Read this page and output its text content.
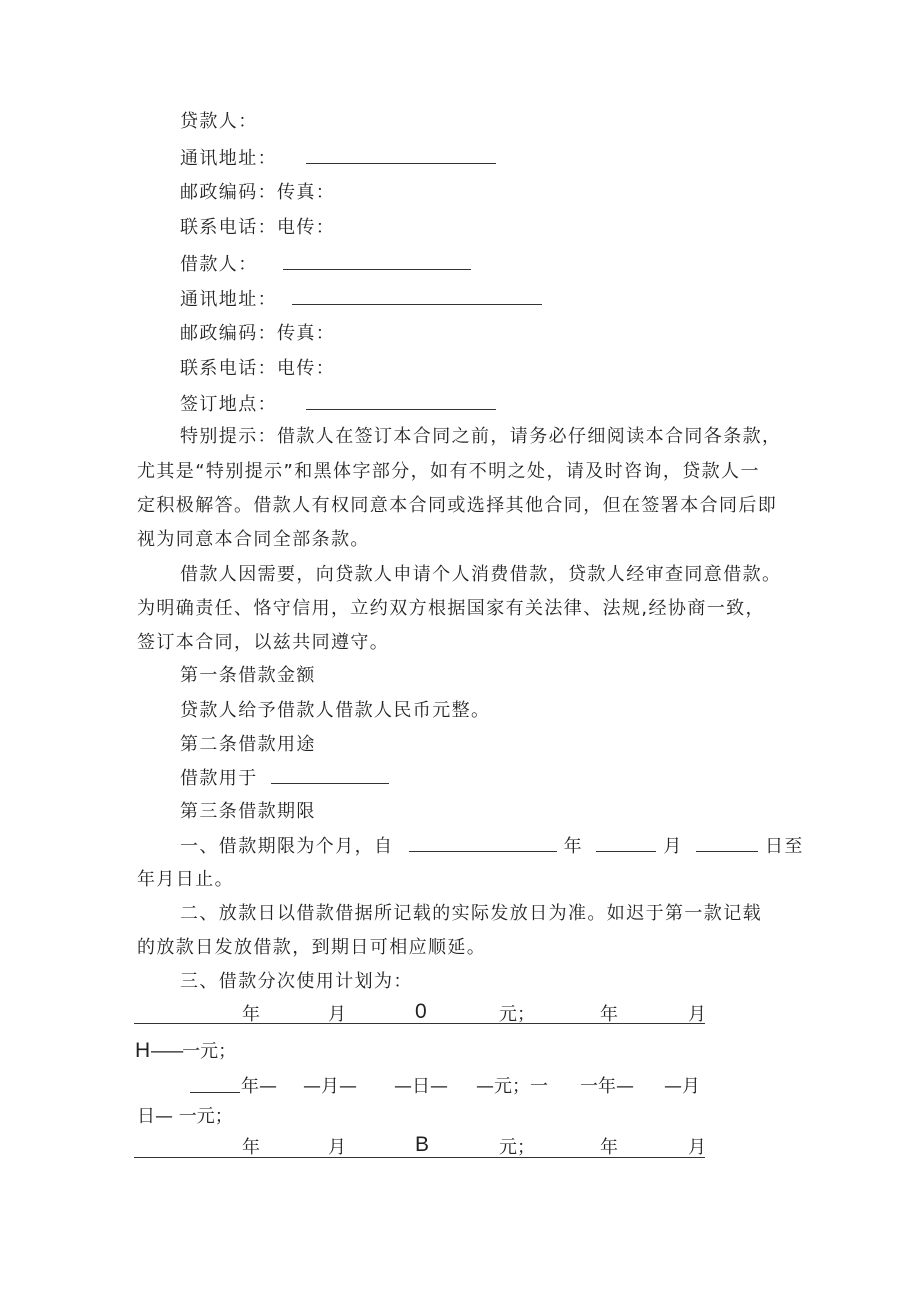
贷款人：
通讯地址：
邮政编码：传真：
联系电话：电传：
借款人：
通讯地址：
邮政编码：传真：
联系电话：电传：
签订地点：
特别提示：借款人在签订本合同之前，请务必仔细阅读本合同各条款，
尤其是“特别提示”和黑体字部分，如有不明之处，请及时咨询，贷款人一
定积极解答。借款人有权同意本合同或选择其他合同，但在签署本合同后即
视为同意本合同全部条款。
借款人因需要，向贷款人申请个人消费借款，贷款人经审查同意借款。
为明确责任、恪守信用，立约双方根据国家有关法律、法规,经协商一致，
签订本合同，以兹共同遵守。
第一条借款金额
贷款人给予借款人借款人民币元整。
第二条借款用途
借款用于
第三条借款期限
一、借款期限为个月，自	年	月	日至
年月日止。
二、放款日以借款借据所记载的实际发放日为准。如迟于第一款记载
的放款日发放借款，到期日可相应顺延。
三、借款分次使用计划为：
年	月	0	元；	年	月
H——一元；
年— —月— —日— —元；一 一年— —月
日— 一元；
年	月	B	元；	年	月
